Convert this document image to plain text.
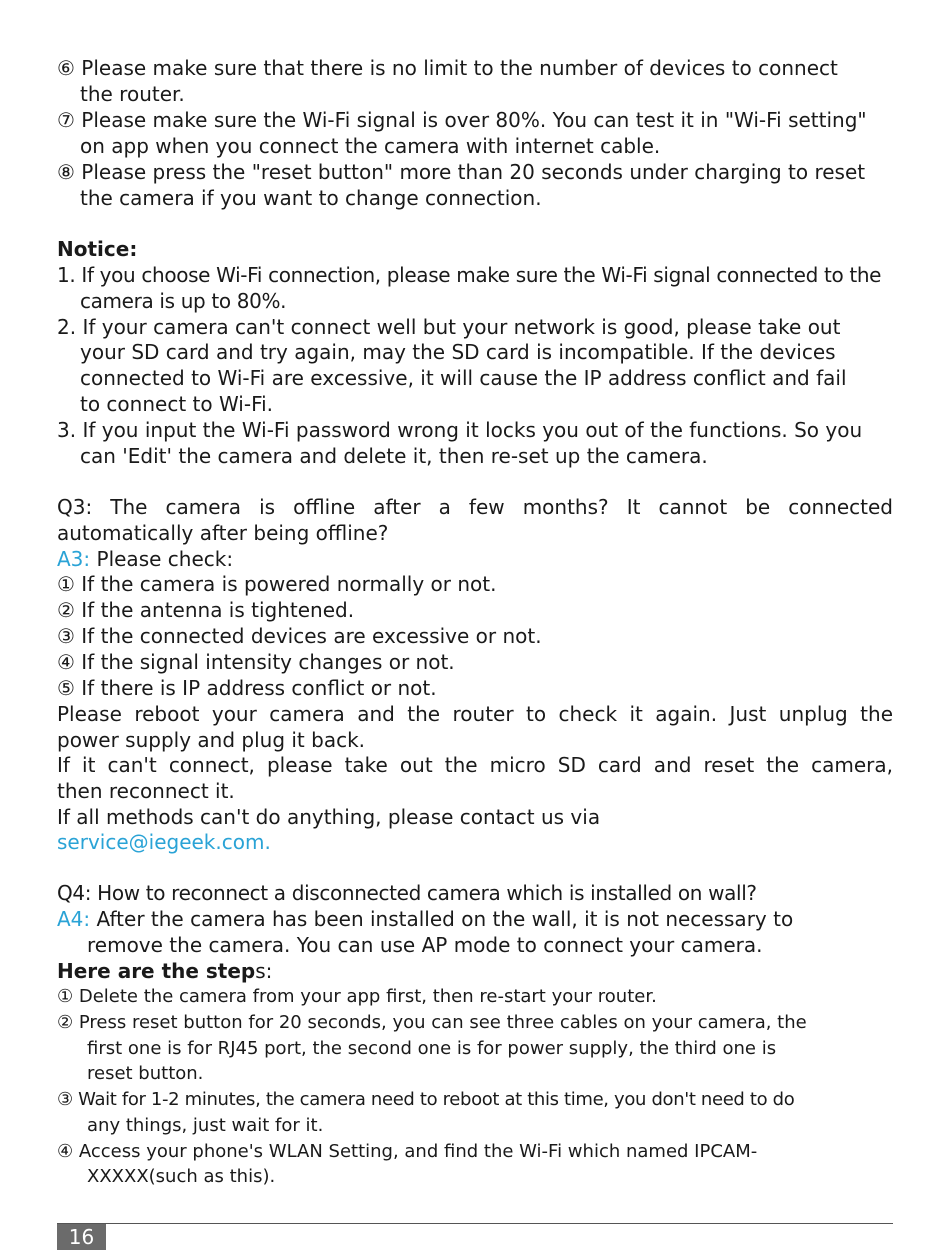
⑥ Please make sure that there is no limit to the number of devices to connect
the router.
⑦ Please make sure the Wi-Fi signal is over 80%. You can test it in "Wi-Fi setting"
on app when you connect the camera with internet cable.
⑧ Please press the "reset button" more than 20 seconds under charging to reset
the camera if you want to change connection.
Notice:
1. If you choose Wi-Fi connection, please make sure the Wi-Fi signal connected to the
camera is up to 80%.
2. If your camera can't connect well but your network is good, please take out
your SD card and try again, may the SD card is incompatible. If the devices
connected to Wi-Fi are excessive, it will cause the IP address conflict and fail
to connect to Wi-Fi.
3. If you input the Wi-Fi password wrong it locks you out of the functions. So you
can 'Edit' the camera and delete it, then re-set up the camera.
Q3: The camera is offline after a few months? It cannot be connected
automatically after being offline?
A3: Please check:
① If the camera is powered normally or not.
② If the antenna is tightened.
③ If the connected devices are excessive or not.
④ If the signal intensity changes or not.
⑤ If there is IP address conflict or not.
Please reboot your camera and the router to check it again. Just unplug the
power supply and plug it back.
If it can't connect, please take out the micro SD card and reset the camera,
then reconnect it.
If all methods can't do anything, please contact us via
service@iegeek.com.
Q4: How to reconnect a disconnected camera which is installed on wall?
A4: After the camera has been installed on the wall, it is not necessary to
remove the camera. You can use AP mode to connect your camera.
Here are the steps:
① Delete the camera from your app first, then re-start your router.
② Press reset button for 20 seconds, you can see three cables on your camera, the
first one is for RJ45 port, the second one is for power supply, the third one is
reset button.
③ Wait for 1-2 minutes, the camera need to reboot at this time, you don't need to do
any things, just wait for it.
④ Access your phone's WLAN Setting, and find the Wi-Fi which named IPCAM-
XXXXX(such as this).
16
